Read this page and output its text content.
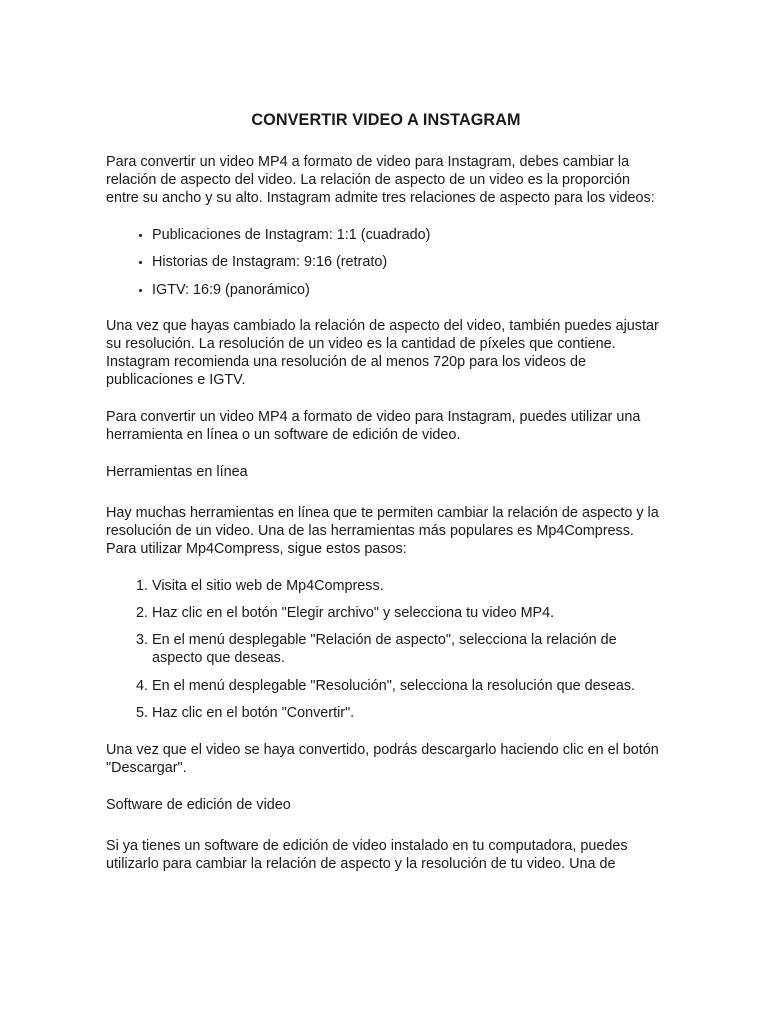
CONVERTIR VIDEO A INSTAGRAM

Para convertir un video MP4 a formato de video para Instagram, debes cambiar la relación de aspecto del video. La relación de aspecto de un video es la proporción entre su ancho y su alto. Instagram admite tres relaciones de aspecto para los videos:

• Publicaciones de Instagram: 1:1 (cuadrado)
• Historias de Instagram: 9:16 (retrato)
• IGTV: 16:9 (panorámico)

Una vez que hayas cambiado la relación de aspecto del video, también puedes ajustar su resolución. La resolución de un video es la cantidad de píxeles que contiene. Instagram recomienda una resolución de al menos 720p para los videos de publicaciones e IGTV.

Para convertir un video MP4 a formato de video para Instagram, puedes utilizar una herramienta en línea o un software de edición de video.

Herramientas en línea

Hay muchas herramientas en línea que te permiten cambiar la relación de aspecto y la resolución de un video. Una de las herramientas más populares es Mp4Compress. Para utilizar Mp4Compress, sigue estos pasos:

1. Visita el sitio web de Mp4Compress.
2. Haz clic en el botón "Elegir archivo" y selecciona tu video MP4.
3. En el menú desplegable "Relación de aspecto", selecciona la relación de aspecto que deseas.
4. En el menú desplegable "Resolución", selecciona la resolución que deseas.
5. Haz clic en el botón "Convertir".

Una vez que el video se haya convertido, podrás descargarlo haciendo clic en el botón "Descargar".

Software de edición de video

Si ya tienes un software de edición de video instalado en tu computadora, puedes utilizarlo para cambiar la relación de aspecto y la resolución de tu video. Una de
